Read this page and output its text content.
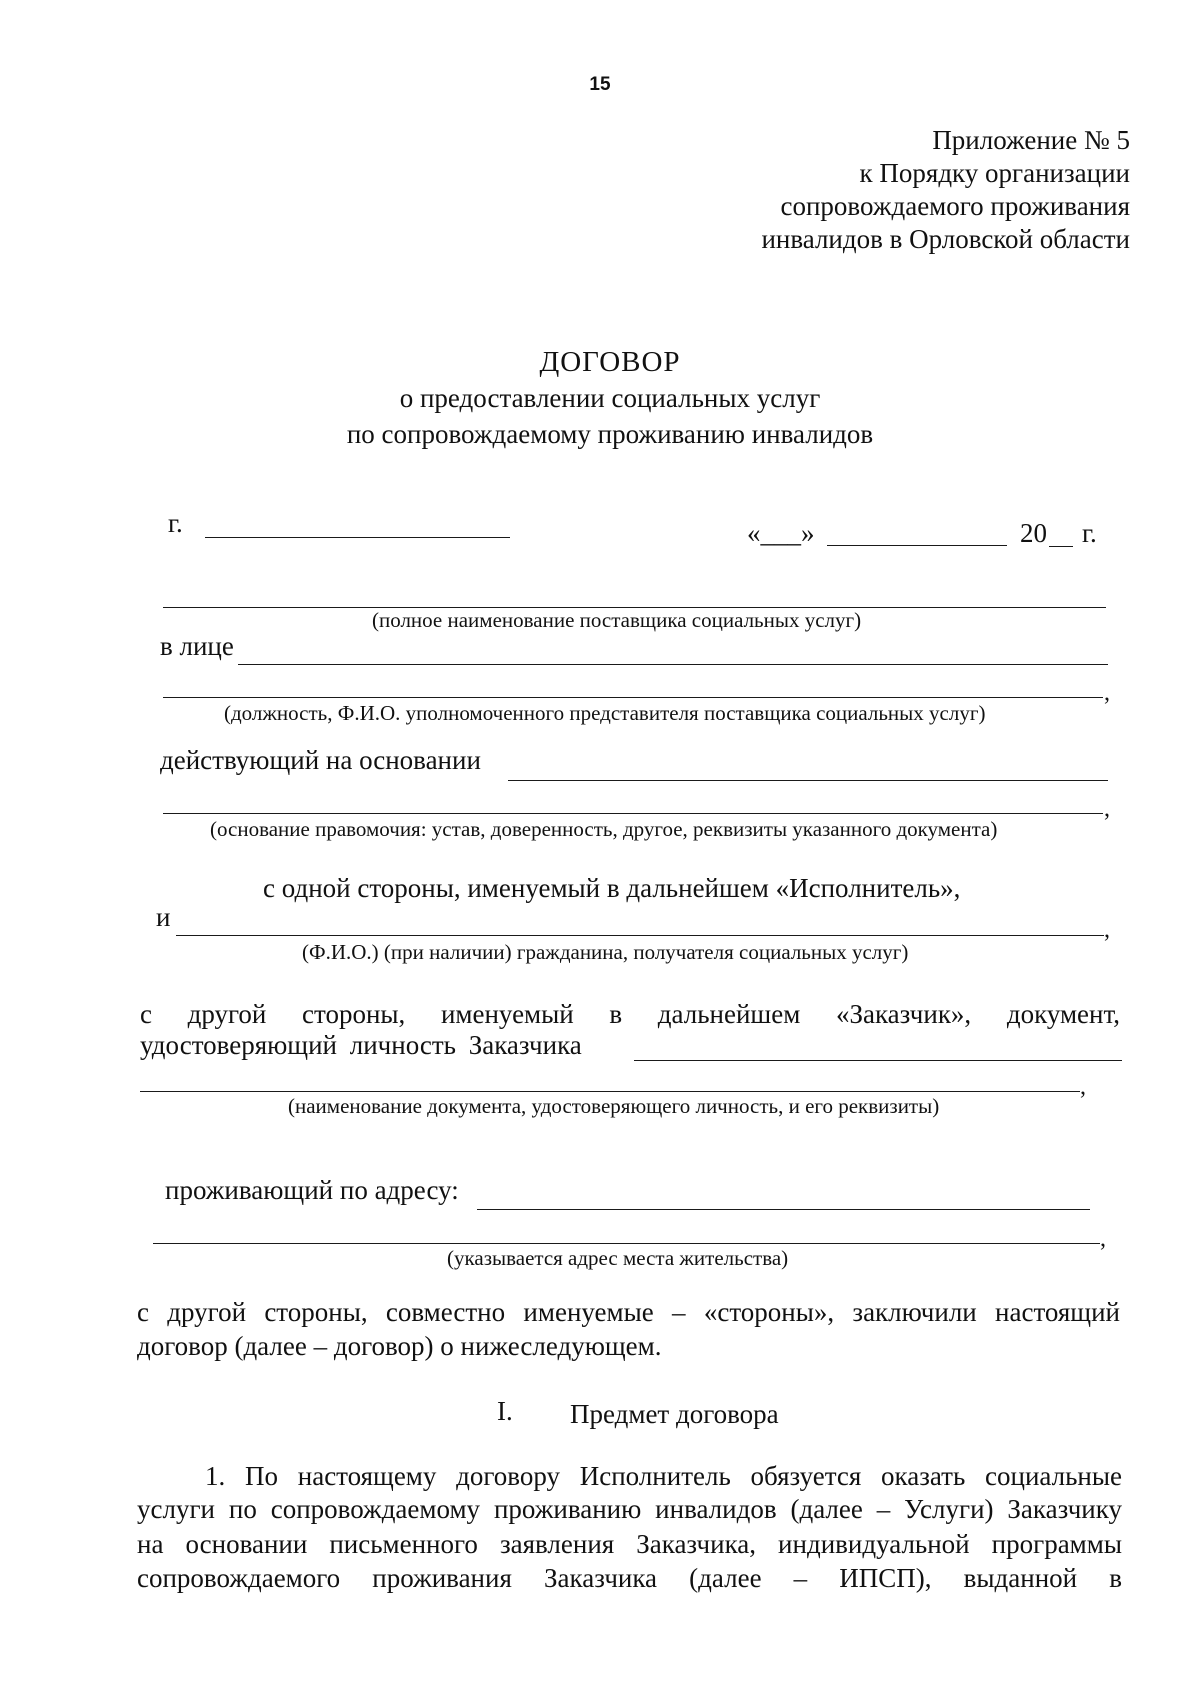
15
Приложение № 5
к Порядку организации
сопровождаемого проживания
инвалидов в Орловской области
ДОГОВОР
о предоставлении социальных услуг
по сопровождаемому проживанию инвалидов
г.	«___»	20 г.
(полное наименование поставщика социальных услуг)
в лице
,
(должность, Ф.И.О. уполномоченного представителя поставщика социальных услуг)
действующий на основании
,
(основание правомочия: устав, доверенность, другое, реквизиты указанного документа)
с одной стороны, именуемый в дальнейшем «Исполнитель»,
и	,
(Ф.И.О.) (при наличии) гражданина, получателя социальных услуг)
с другой стороны, именуемый в дальнейшем «Заказчик», документ,
удостоверяющий личность Заказчика
,
(наименование документа, удостоверяющего личность, и его реквизиты)
проживающий по адресу:
,
(указывается адрес места жительства)
с другой стороны, совместно именуемые – «стороны», заключили настоящий
договор (далее – договор) о нижеследующем.
I. Предмет договора
1. По настоящему договору Исполнитель обязуется оказать социальные
услуги по сопровождаемому проживанию инвалидов (далее – Услуги) Заказчику
на основании письменного заявления Заказчика, индивидуальной программы
сопровождаемого проживания Заказчика (далее – ИПСП), выданной в
